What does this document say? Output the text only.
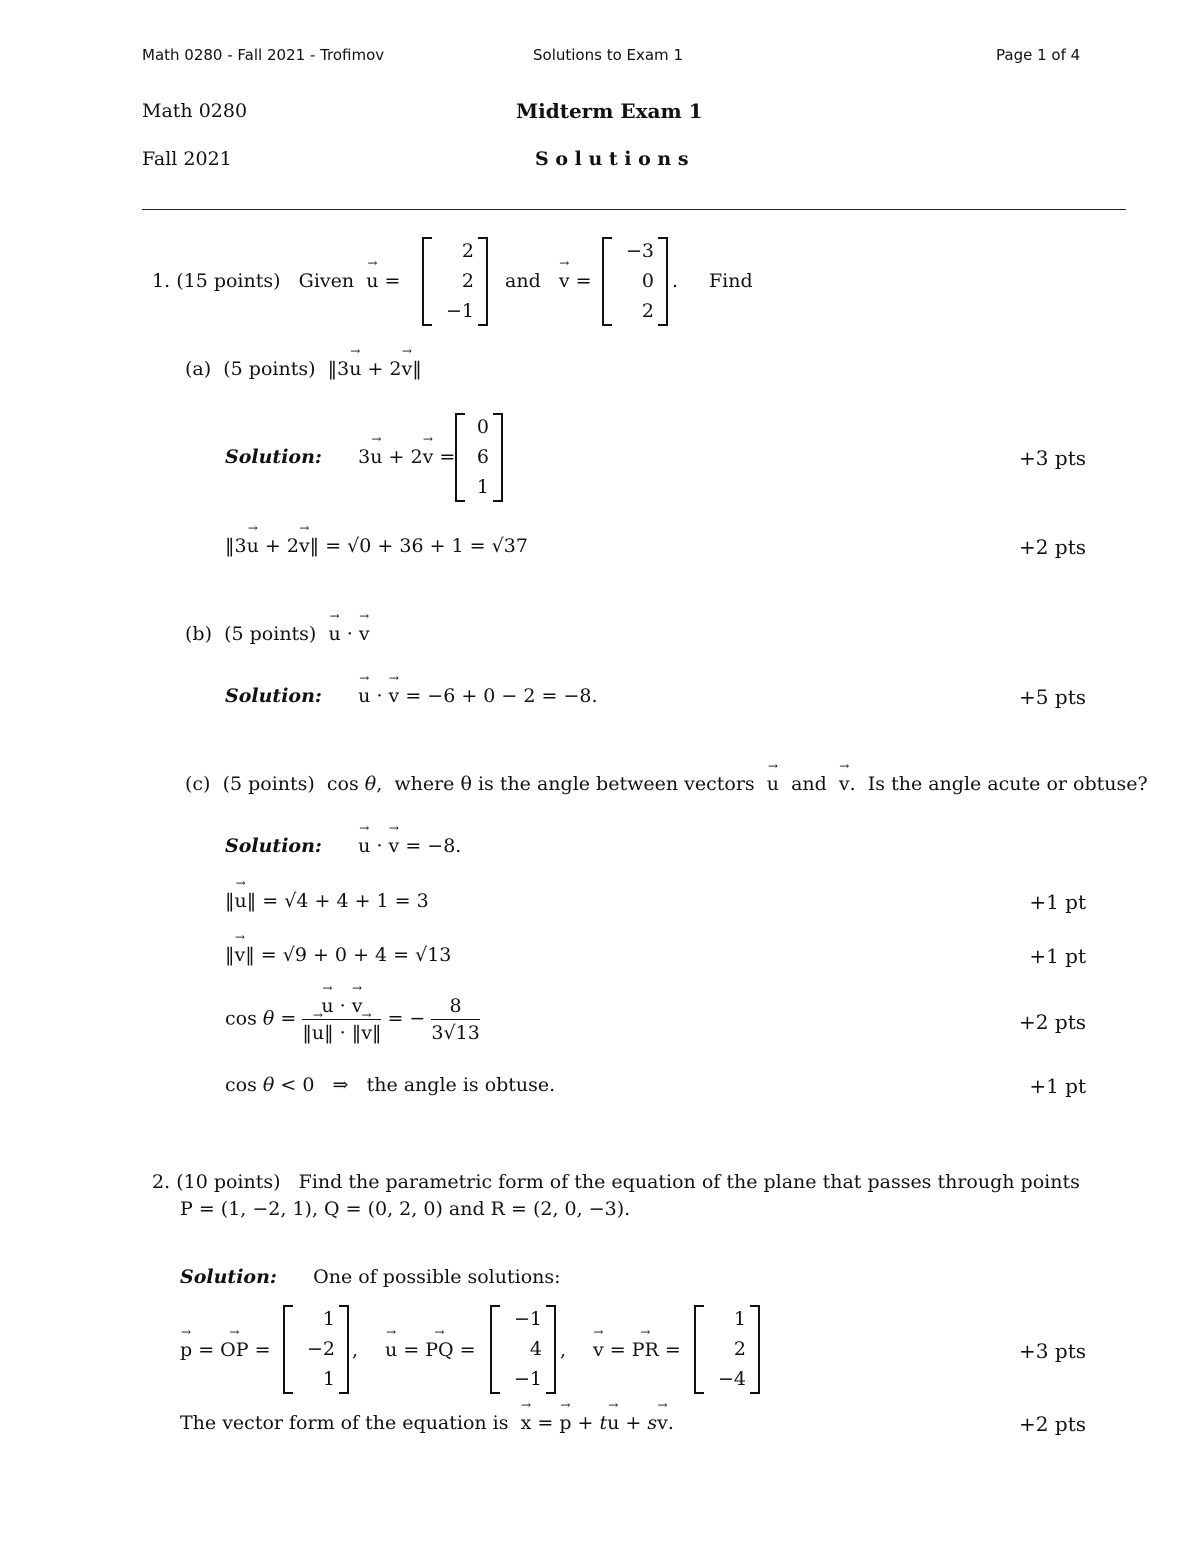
Math 0280 - Fall 2021 - Trofimov	Solutions to Exam 1	Page 1 of 4
Math 0280	Midterm Exam 1
Fall 2021	S o l u t i o n s
1. (15 points) Given u → =
2
2
−1
and v → =
−3
0
2
. Find
(a) (5 points)  ‖3u → + 2v →‖
Solution:      3u → + 2v → =
0
6
1
+3 pts
‖3u → + 2v →‖ = √0 + 36 + 1 = √37	+2 pts
(b) (5 points) u → · v →
Solution: u → · v → = −6 + 0 − 2 = −8.	+5 pts
(c) (5 points)  cos θ,  where θ is the angle between vectors u → and v →.  Is the angle acute or obtuse?
Solution: u → · v → = −8.
‖u →‖ = √4 + 4 + 1 = 3	+1 pt
‖v →‖ = √9 + 0 + 4 = √13	+1 pt
$\cos \theta = \frac{u \to \cdot v \to}{‖u \to‖ \cdot ‖v \to‖}$ = − $\frac{8}{3√13}$	+2 pts
cos θ < 0   ⇒   the angle is obtuse.	+1 pt
2. (10 points) Find the parametric form of the equation of the plane that passes through points
P = (1, −2, 1), Q = (0, 2, 0) and R = (2, 0, −3).
Solution: One of possible solutions:
p → = OP → =
1
−2
1
, u → = PQ → =
−1
4
−1
, v → = PR → =
1
2
−4
+3 pts
The vector form of the equation is x → = p → + tu → + sv →.	+2 pts
